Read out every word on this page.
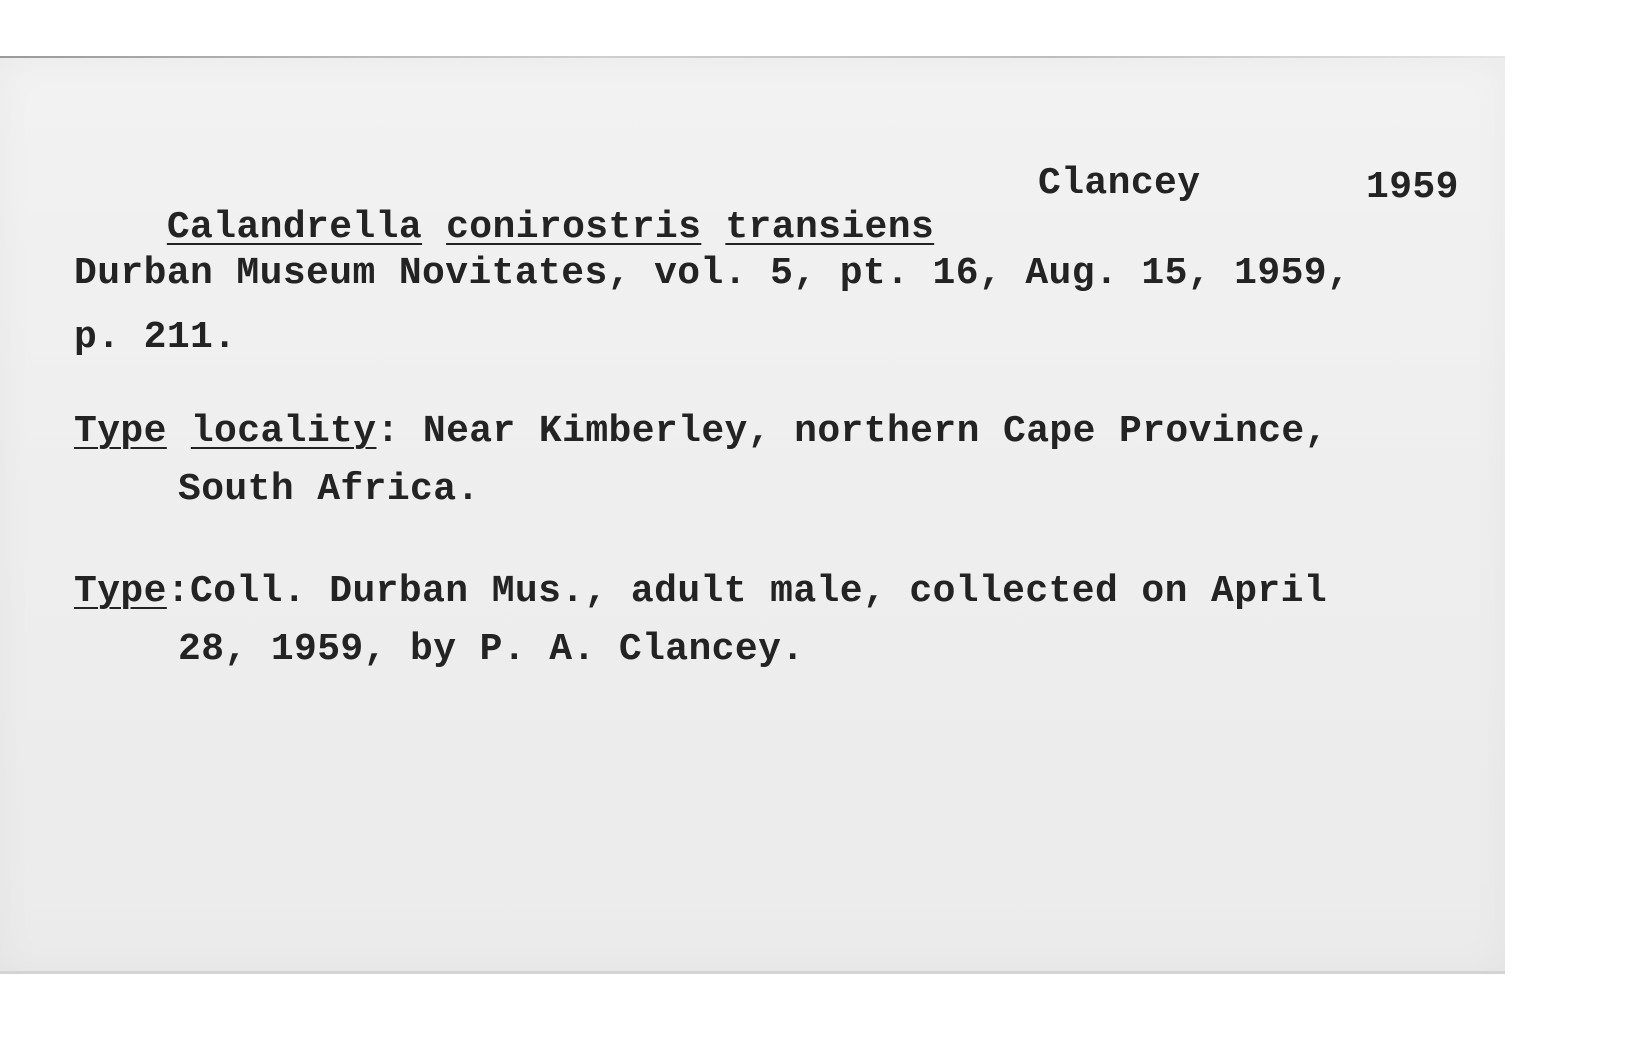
Calandrella conirostris transiens

Clancey	1959
Durban Museum Novitates, vol. 5, pt. 16, Aug. 15, 1959,
p. 211.
Type locality: Near Kimberley, northern Cape Province,
South Africa.
Type:Coll. Durban Mus., adult male, collected on April
28, 1959, by P. A. Clancey.
